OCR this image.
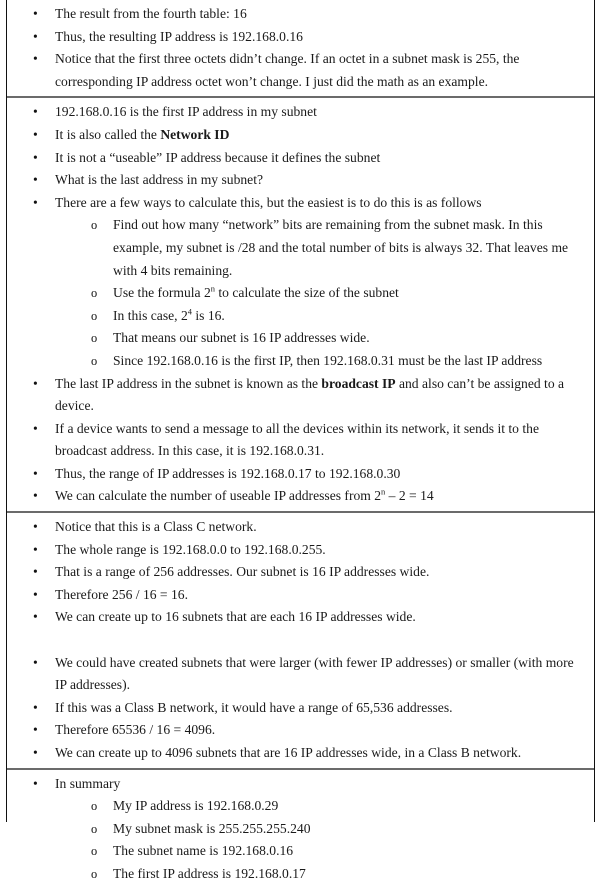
•	The result from the fourth table: 16
•	Thus, the resulting IP address is 192.168.0.16
•	Notice that the first three octets didn’t change. If an octet in a subnet mask is 255, the corresponding IP address octet won’t change. I just did the math as an example.
•	192.168.0.16 is the first IP address in my subnet
•	It is also called the Network ID
•	It is not a “useable” IP address because it defines the subnet
•	What is the last address in my subnet?
•	There are a few ways to calculate this, but the easiest is to do this is as follows
o	Find out how many “network” bits are remaining from the subnet mask. In this example, my subnet is /28 and the total number of bits is always 32. That leaves me with 4 bits remaining.
o	Use the formula 2$^n$ to calculate the size of the subnet
o	In this case, $2^4$ is 16.
o	That means our subnet is 16 IP addresses wide.
o	Since 192.168.0.16 is the first IP, then 192.168.0.31 must be the last IP address
•	The last IP address in the subnet is known as the broadcast IP and also can’t be assigned to a device.
•	If a device wants to send a message to all the devices within its network, it sends it to the broadcast address. In this case, it is 192.168.0.31.
•	Thus, the range of IP addresses is 192.168.0.17 to 192.168.0.30
•	We can calculate the number of useable IP addresses from 2$^n$ – 2 = 14
•	Notice that this is a Class C network.
•	The whole range is 192.168.0.0 to 192.168.0.255.
•	That is a range of 256 addresses. Our subnet is 16 IP addresses wide.
•	Therefore 256 / 16 = 16.
•	We can create up to 16 subnets that are each 16 IP addresses wide.
•	We could have created subnets that were larger (with fewer IP addresses) or smaller (with more IP addresses).
•	If this was a Class B network, it would have a range of 65,536 addresses.
•	Therefore 65536 / 16 = 4096.
•	We can create up to 4096 subnets that are 16 IP addresses wide, in a Class B network.
•	In summary
o	My IP address is 192.168.0.29
o	My subnet mask is 255.255.255.240
o	The subnet name is 192.168.0.16
o	The first IP address is 192.168.0.17
